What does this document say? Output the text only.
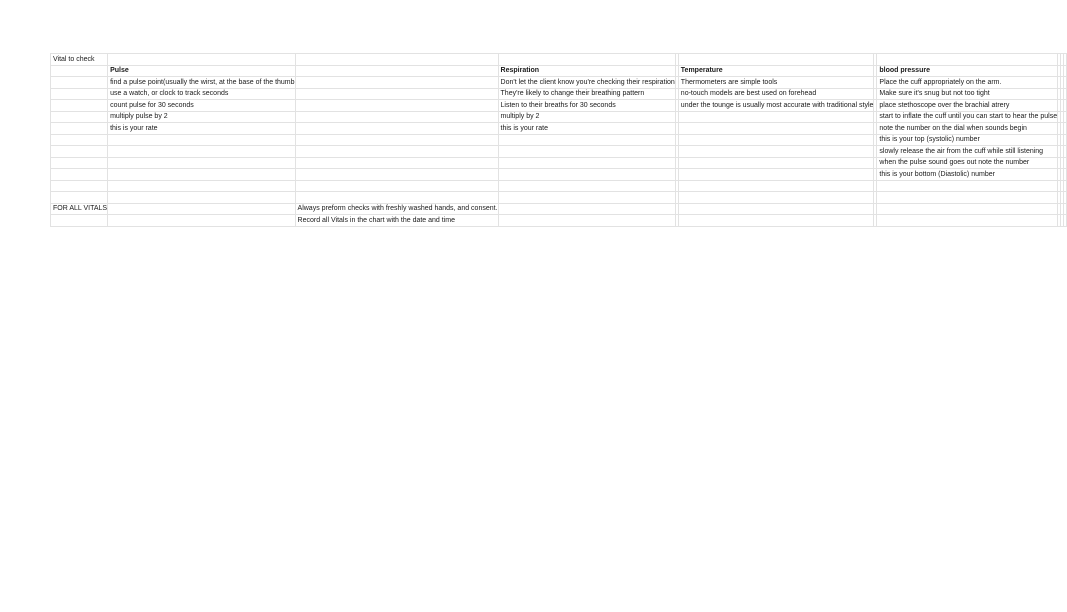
Vital to check										
	Pulse		Respiration		Temperature		blood pressure			
	find a pulse point(usually the wirst, at the base of the thumb		Don't let the client know you're checking their respiration		Thermometers are simple tools		Place the cuff appropriately on the arm.			
	use a watch, or clock to track seconds		They're likely to change their breathing pattern		no-touch models are best used on forehead		Make sure it's snug but not too tight			
	count pulse for 30 seconds		Listen to their breaths for 30 seconds		under the tounge is usually most accurate with traditional style		place stethoscope over the brachial atrery			
	multiply pulse by 2		multiply by 2				start to inflate the cuff until you can start to hear the pulse			
	this is your rate		this is your rate				note the number on the dial when sounds begin			
							this is your top (systolic) number			
							slowly release the air from the cuff while still listening			
							when the pulse sound goes out note the number			
							this is your bottom (Diastolic) number			

FOR ALL VITALS		Always preform checks with freshly washed hands, and consent.								
		Record all Vitals in the chart with the date and time								
